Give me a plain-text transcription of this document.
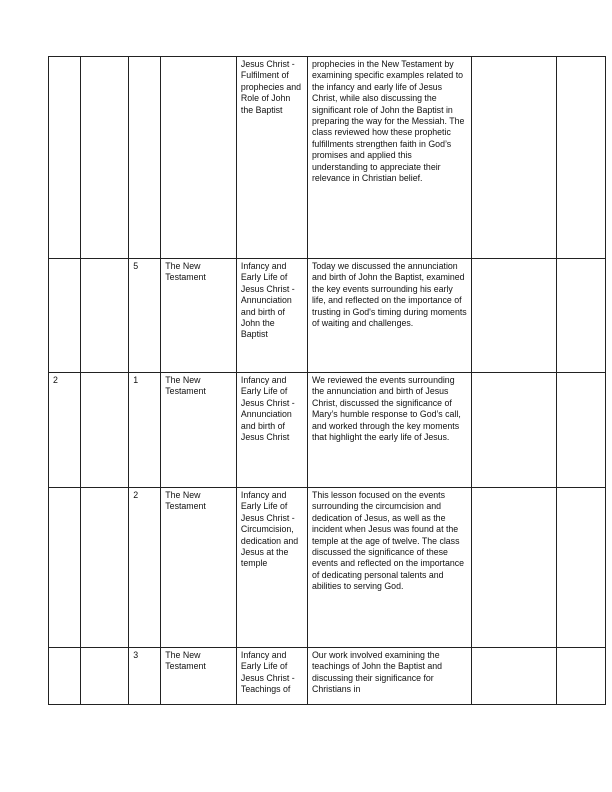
				Jesus Christ - Fulfilment of prophecies and Role of John the Baptist	prophecies in the New Testament by examining specific examples related to the infancy and early life of Jesus Christ, while also discussing the significant role of John the Baptist in preparing the way for the Messiah. The class reviewed how these prophetic fulfillments strengthen faith in God’s promises and applied this understanding to appreciate their relevance in Christian belief.		

		5	The New Testament	Infancy and Early Life of Jesus Christ - Annunciation and birth of John the Baptist	Today we discussed the annunciation and birth of John the Baptist, examined the key events surrounding his early life, and reflected on the importance of trusting in God's timing during moments of waiting and challenges.		

2		1	The New Testament	Infancy and Early Life of Jesus Christ - Annunciation and birth of Jesus Christ	We reviewed the events surrounding the annunciation and birth of Jesus Christ, discussed the significance of Mary’s humble response to God’s call, and worked through the key moments that highlight the early life of Jesus.		

		2	The New Testament	Infancy and Early Life of Jesus Christ - Circumcision, dedication and Jesus at the temple	This lesson focused on the events surrounding the circumcision and dedication of Jesus, as well as the incident when Jesus was found at the temple at the age of twelve. The class discussed the significance of these events and reflected on the importance of dedicating personal talents and abilities to serving God.		

		3	The New Testament	Infancy and Early Life of Jesus Christ - Teachings of	Our work involved examining the teachings of John the Baptist and discussing their significance for Christians in		
